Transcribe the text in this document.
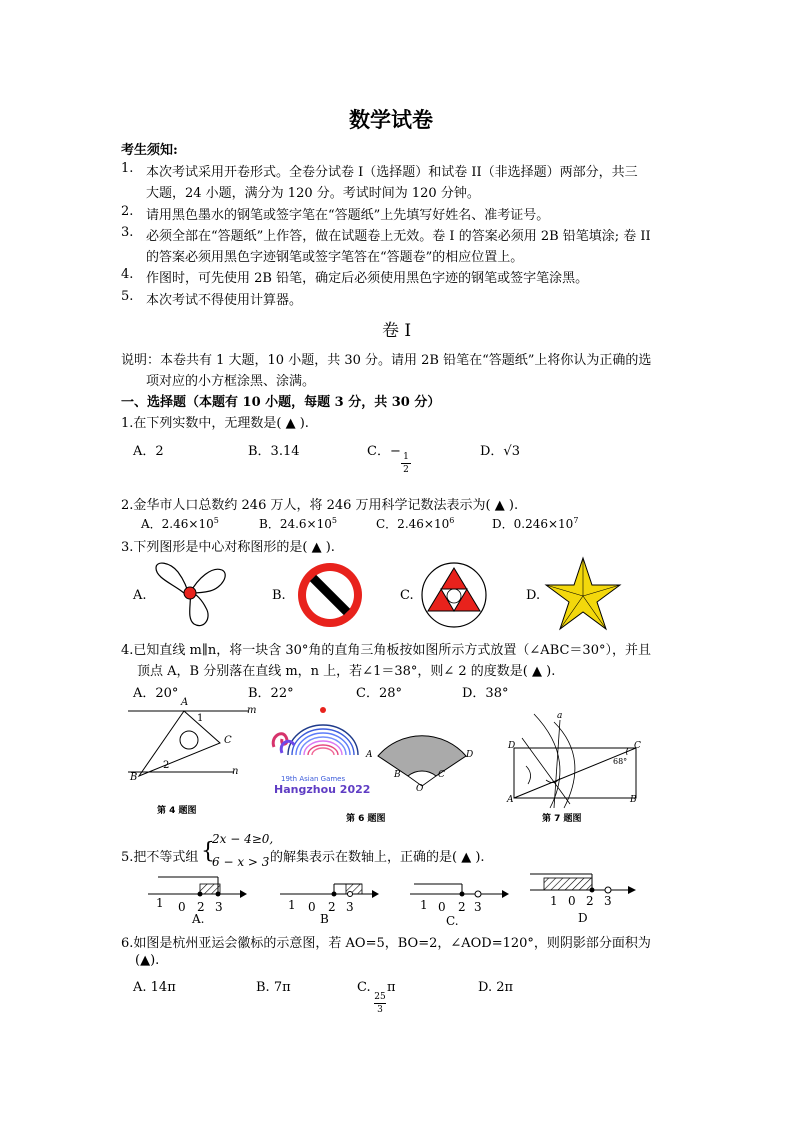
数学试卷
考生须知:
1. 本次考试采用开卷形式。全卷分试卷 I（选择题）和试卷 II（非选择题）两部分，共三
大题，24 小题，满分为 120 分。考试时间为 120 分钟。
2. 请用黑色墨水的钢笔或签字笔在“答题纸”上先填写好姓名、准考证号。
3. 必须全部在“答题纸”上作答，做在试题卷上无效。卷 I 的答案必须用 2B 铅笔填涂; 卷 II
的答案必须用黑色字迹钢笔或签字笔答在“答题卷”的相应位置上。
4. 作图时，可先使用 2B 铅笔，确定后必须使用黑色字迹的钢笔或签字笔涂黑。
5. 本次考试不得使用计算器。
卷 I
说明：本卷共有 1 大题，10 小题，共 30 分。请用 2B 铅笔在“答题纸”上将你认为正确的选
项对应的小方框涂黑、涂满。
一、选择题（本题有 10 小题，每题 3 分，共 30 分）
1.在下列实数中，无理数是( ▲ ).
A．2	B．3.14	C．− 1
2
D．√3
2.金华市人口总数约 246 万人，将 246 万用科学记数法表示为( ▲ ).
A．$2.46\times 10^5$	B．$24.6\times 10^5$	C．$2.46\times 10^6$	D．$0.246\times 10^7$
3.下列图形是中心对称图形的是( ▲ ).
A.	B.	C.	D.
4.已知直线 m∥n，将一块含 30°角的直角三角板按如图所示方式放置（∠ABC＝30°），并且
顶点 A，B 分别落在直线 m，n 上，若∠1＝38°，则∠ 2 的度数是( ▲ ).
A．20°	B．22°	C．28°	D．38°
A
1
m
C
2
n
B
第 4 题图
19th Asian Games
Hangzhou 2022
A	D
B	C
O
第 6 题图
a
D	C
68°
A	B
第 7 题图
5.把不等式组 {
2x − 4≥0,
6 − x > 3 的解集表示在数轴上，正确的是( ▲ ).
1 0 2 3
A.
1 0 2 3
B
1 0 2 3
C.
1 0 2 3
D
6.如图是杭州亚运会徽标的示意图，若 AO=5，BO=2，∠AOD=120°，则阴影部分面积为
(▲).
A. 14π	B. 7π	C. π
25
3
D. 2π
